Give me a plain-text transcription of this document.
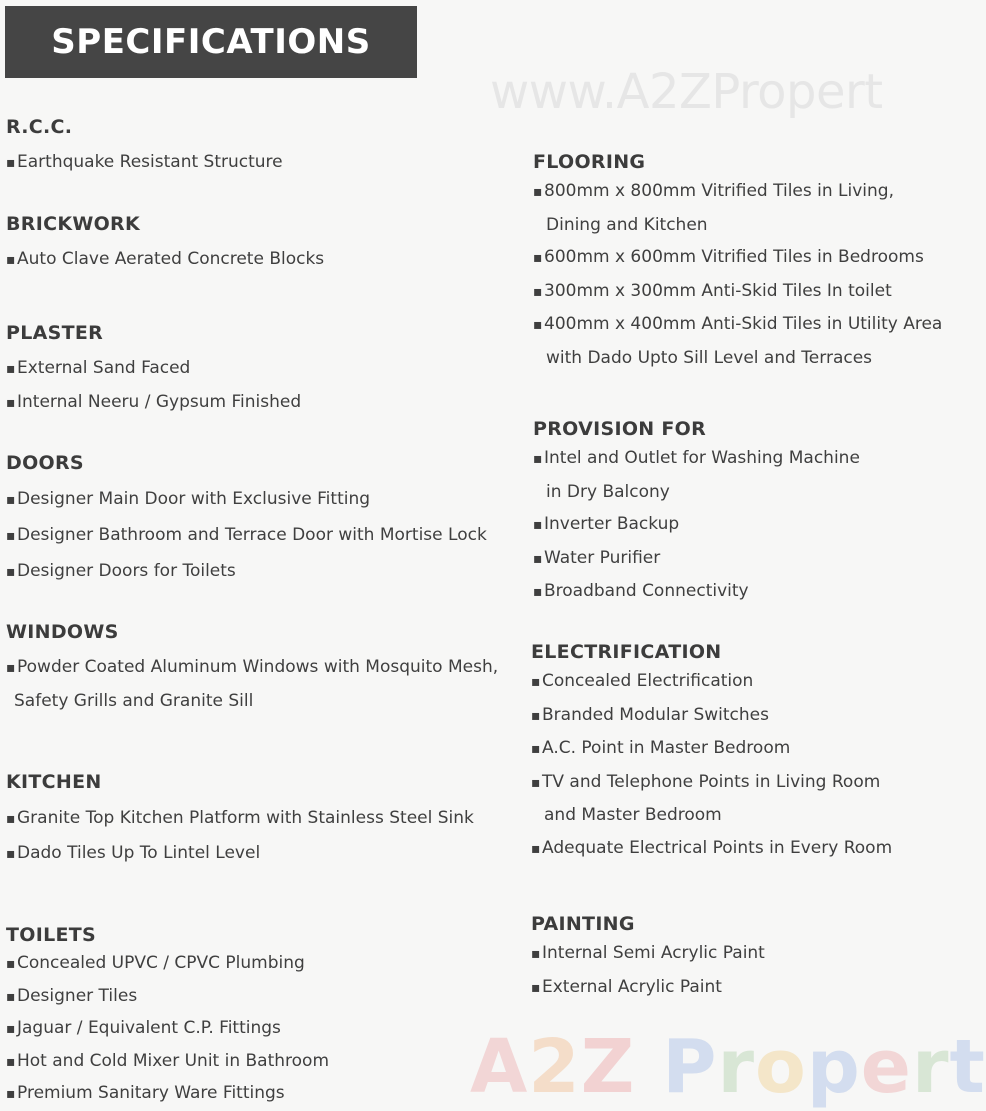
SPECIFICATIONS
www.A2ZPropert
A2Z Propert
R.C.C.
▪Earthquake Resistant Structure
BRICKWORK
▪Auto Clave Aerated Concrete Blocks
PLASTER
▪External Sand Faced
▪Internal Neeru / Gypsum Finished
DOORS
▪Designer Main Door with Exclusive Fitting
▪Designer Bathroom and Terrace Door with Mortise Lock
▪Designer Doors for Toilets
WINDOWS
▪Powder Coated Aluminum Windows with Mosquito Mesh,
Safety Grills and Granite Sill
KITCHEN
▪Granite Top Kitchen Platform with Stainless Steel Sink
▪Dado Tiles Up To Lintel Level
TOILETS
▪Concealed UPVC / CPVC Plumbing
▪Designer Tiles
▪Jaguar / Equivalent C.P. Fittings
▪Hot and Cold Mixer Unit in Bathroom
▪Premium Sanitary Ware Fittings
FLOORING
▪800mm x 800mm Vitrified Tiles in Living,
Dining and Kitchen
▪600mm x 600mm Vitrified Tiles in Bedrooms
▪300mm x 300mm Anti-Skid Tiles In toilet
▪400mm x 400mm Anti-Skid Tiles in Utility Area
with Dado Upto Sill Level and Terraces
PROVISION FOR
▪Intel and Outlet for Washing Machine
in Dry Balcony
▪Inverter Backup
▪Water Purifier
▪Broadband Connectivity
ELECTRIFICATION
▪Concealed Electrification
▪Branded Modular Switches
▪A.C. Point in Master Bedroom
▪TV and Telephone Points in Living Room
and Master Bedroom
▪Adequate Electrical Points in Every Room
PAINTING
▪Internal Semi Acrylic Paint
▪External Acrylic Paint
